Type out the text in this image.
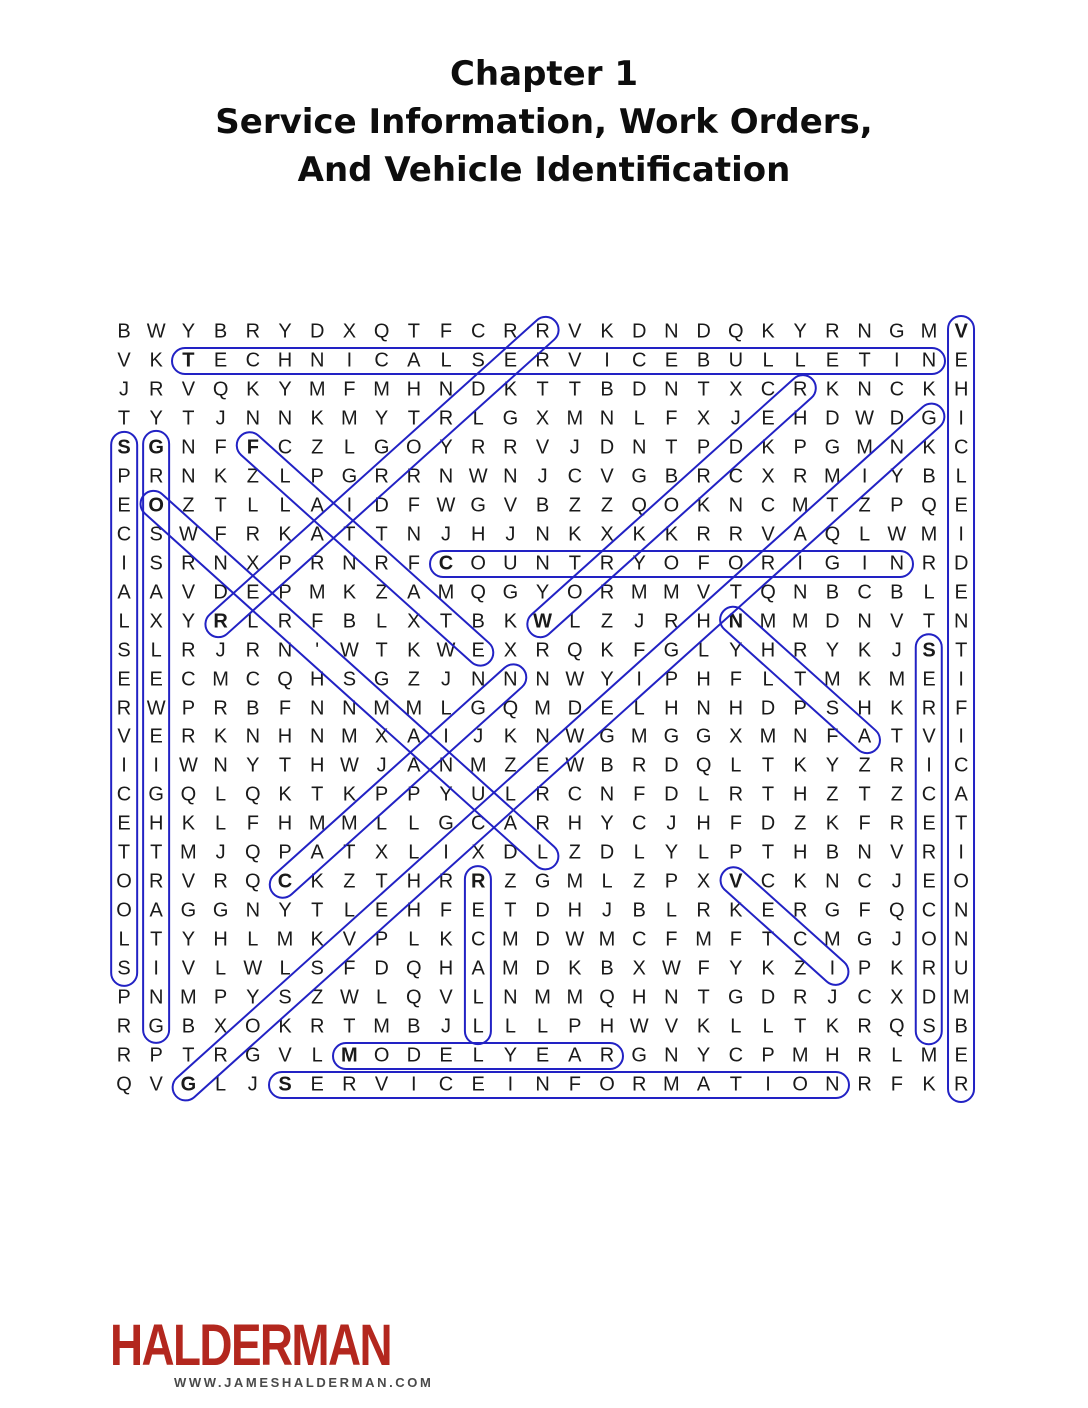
Chapter 1
Service Information, Work Orders,
And Vehicle Identification
B W Y B R Y D X Q T F C R R V K D N D Q K Y R N G M V
V K T E C H N I C A L S E R V I C E B U L L E T I N E
J R V Q K Y M F M H N D K T T B D N T X C R K N C K H
T Y T J N N K M Y T R L G X M N L F X J E H D W D G I
S G N F F C Z L G O Y R R V J D N T P D K P G M N K C
P R N K Z L P G R R N W N J C V G B R C X R M I Y B L
E O Z T L L A I D F W G V B Z Z Q O K N C M T Z P Q E
C S W F R K A T T N J H J N K X K K R R V A Q L W M I
I S R N X P R N R F C O U N T R Y O F O R I G I N R D
A A V D E P M K Z A M Q G Y O R M M V T Q N B C B L E
L X Y R L R F B L X T B K W L Z J R H N M M D N V T N
S L R J R N ' W T K W E X R Q K F G L Y H R Y K J S T
E E C M C Q H S G Z J N N N W Y I P H F L T M K M E I
R W P R B F N N M M L G Q M D E L H N H D P S H K R F
V E R K N H N M X A I J K N W G M G G X M N F A T V I
I I W N Y T H W J A N M Z E W B R D Q L T K Y Z R I C
C G Q L Q K T K P P Y U L R C N F D L R T H Z T Z C A
E H K L F H M M L L G C A R H Y C J H F D Z K F R E T
T T M J Q P A T X L I X D L Z D L Y L P T H B N V R I
O R V R Q C K Z T H R R Z G M L Z P X V C K N C J E O
O A G G N Y T L E H F E T D H J B L R K E R G F Q C N
L T Y H L M K V P L K C M D W M C F M F T C M G J O N
S I V L W L S F D Q H A M D K B X W F Y K Z I P K R U
P N M P Y S Z W L Q V L N M M Q H N T G D R J C X D M
R G B X O K R T M B J L L L P H W V K L L T K R Q S B
R P T R G V L M O D E L Y E A R G N Y C P M H R L M E
Q V G L J S E R V I C E I N F O R M A T I O N R F K R
HALDERMAN
WWW.JAMESHALDERMAN.COM
